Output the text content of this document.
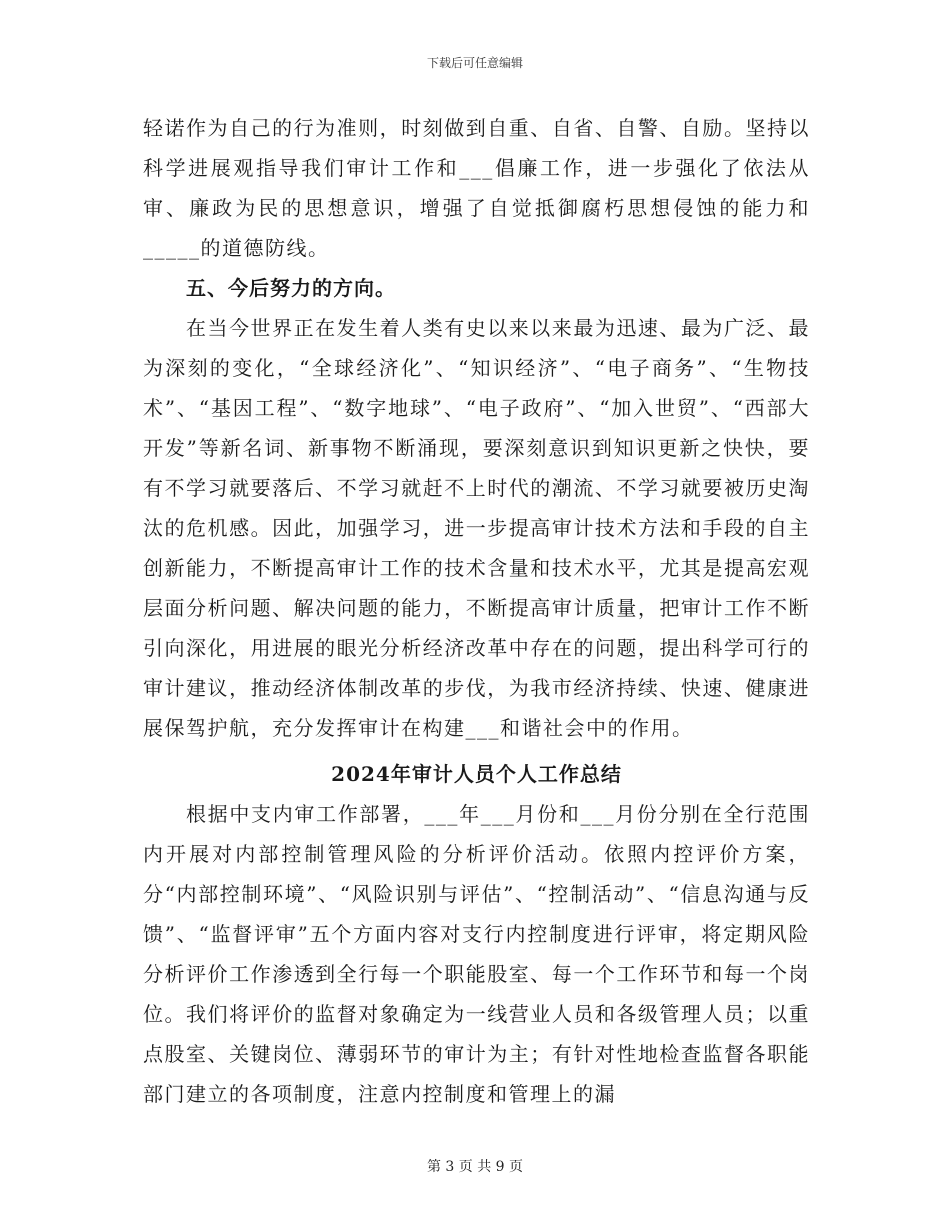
下载后可任意编辑

轻诺作为自己的行为准则，时刻做到自重、自省、自警、自励。坚持以科学进展观指导我们审计工作和___倡廉工作，进一步强化了依法从审、廉政为民的思想意识，增强了自觉抵御腐朽思想侵蚀的能力和_____的道德防线。

五、今后努力的方向。

在当今世界正在发生着人类有史以来以来最为迅速、最为广泛、最为深刻的变化，“全球经济化”、“知识经济”、“电子商务”、“生物技术”、“基因工程”、“数字地球”、“电子政府”、“加入世贸”、“西部大开发”等新名词、新事物不断涌现，要深刻意识到知识更新之快快，要有不学习就要落后、不学习就赶不上时代的潮流、不学习就要被历史淘汰的危机感。因此，加强学习，进一步提高审计技术方法和手段的自主创新能力，不断提高审计工作的技术含量和技术水平，尤其是提高宏观层面分析问题、解决问题的能力，不断提高审计质量，把审计工作不断引向深化，用进展的眼光分析经济改革中存在的问题，提出科学可行的审计建议，推动经济体制改革的步伐，为我市经济持续、快速、健康进展保驾护航，充分发挥审计在构建___和谐社会中的作用。

2024年审计人员个人工作总结

根据中支内审工作部署，___年___月份和___月份分别在全行范围内开展对内部控制管理风险的分析评价活动。依照内控评价方案，分“内部控制环境”、“风险识别与评估”、“控制活动”、“信息沟通与反馈”、“监督评审”五个方面内容对支行内控制度进行评审，将定期风险分析评价工作渗透到全行每一个职能股室、每一个工作环节和每一个岗位。我们将评价的监督对象确定为一线营业人员和各级管理人员；以重点股室、关键岗位、薄弱环节的审计为主；有针对性地检查监督各职能部门建立的各项制度，注意内控制度和管理上的漏

第 3 页 共 9 页
